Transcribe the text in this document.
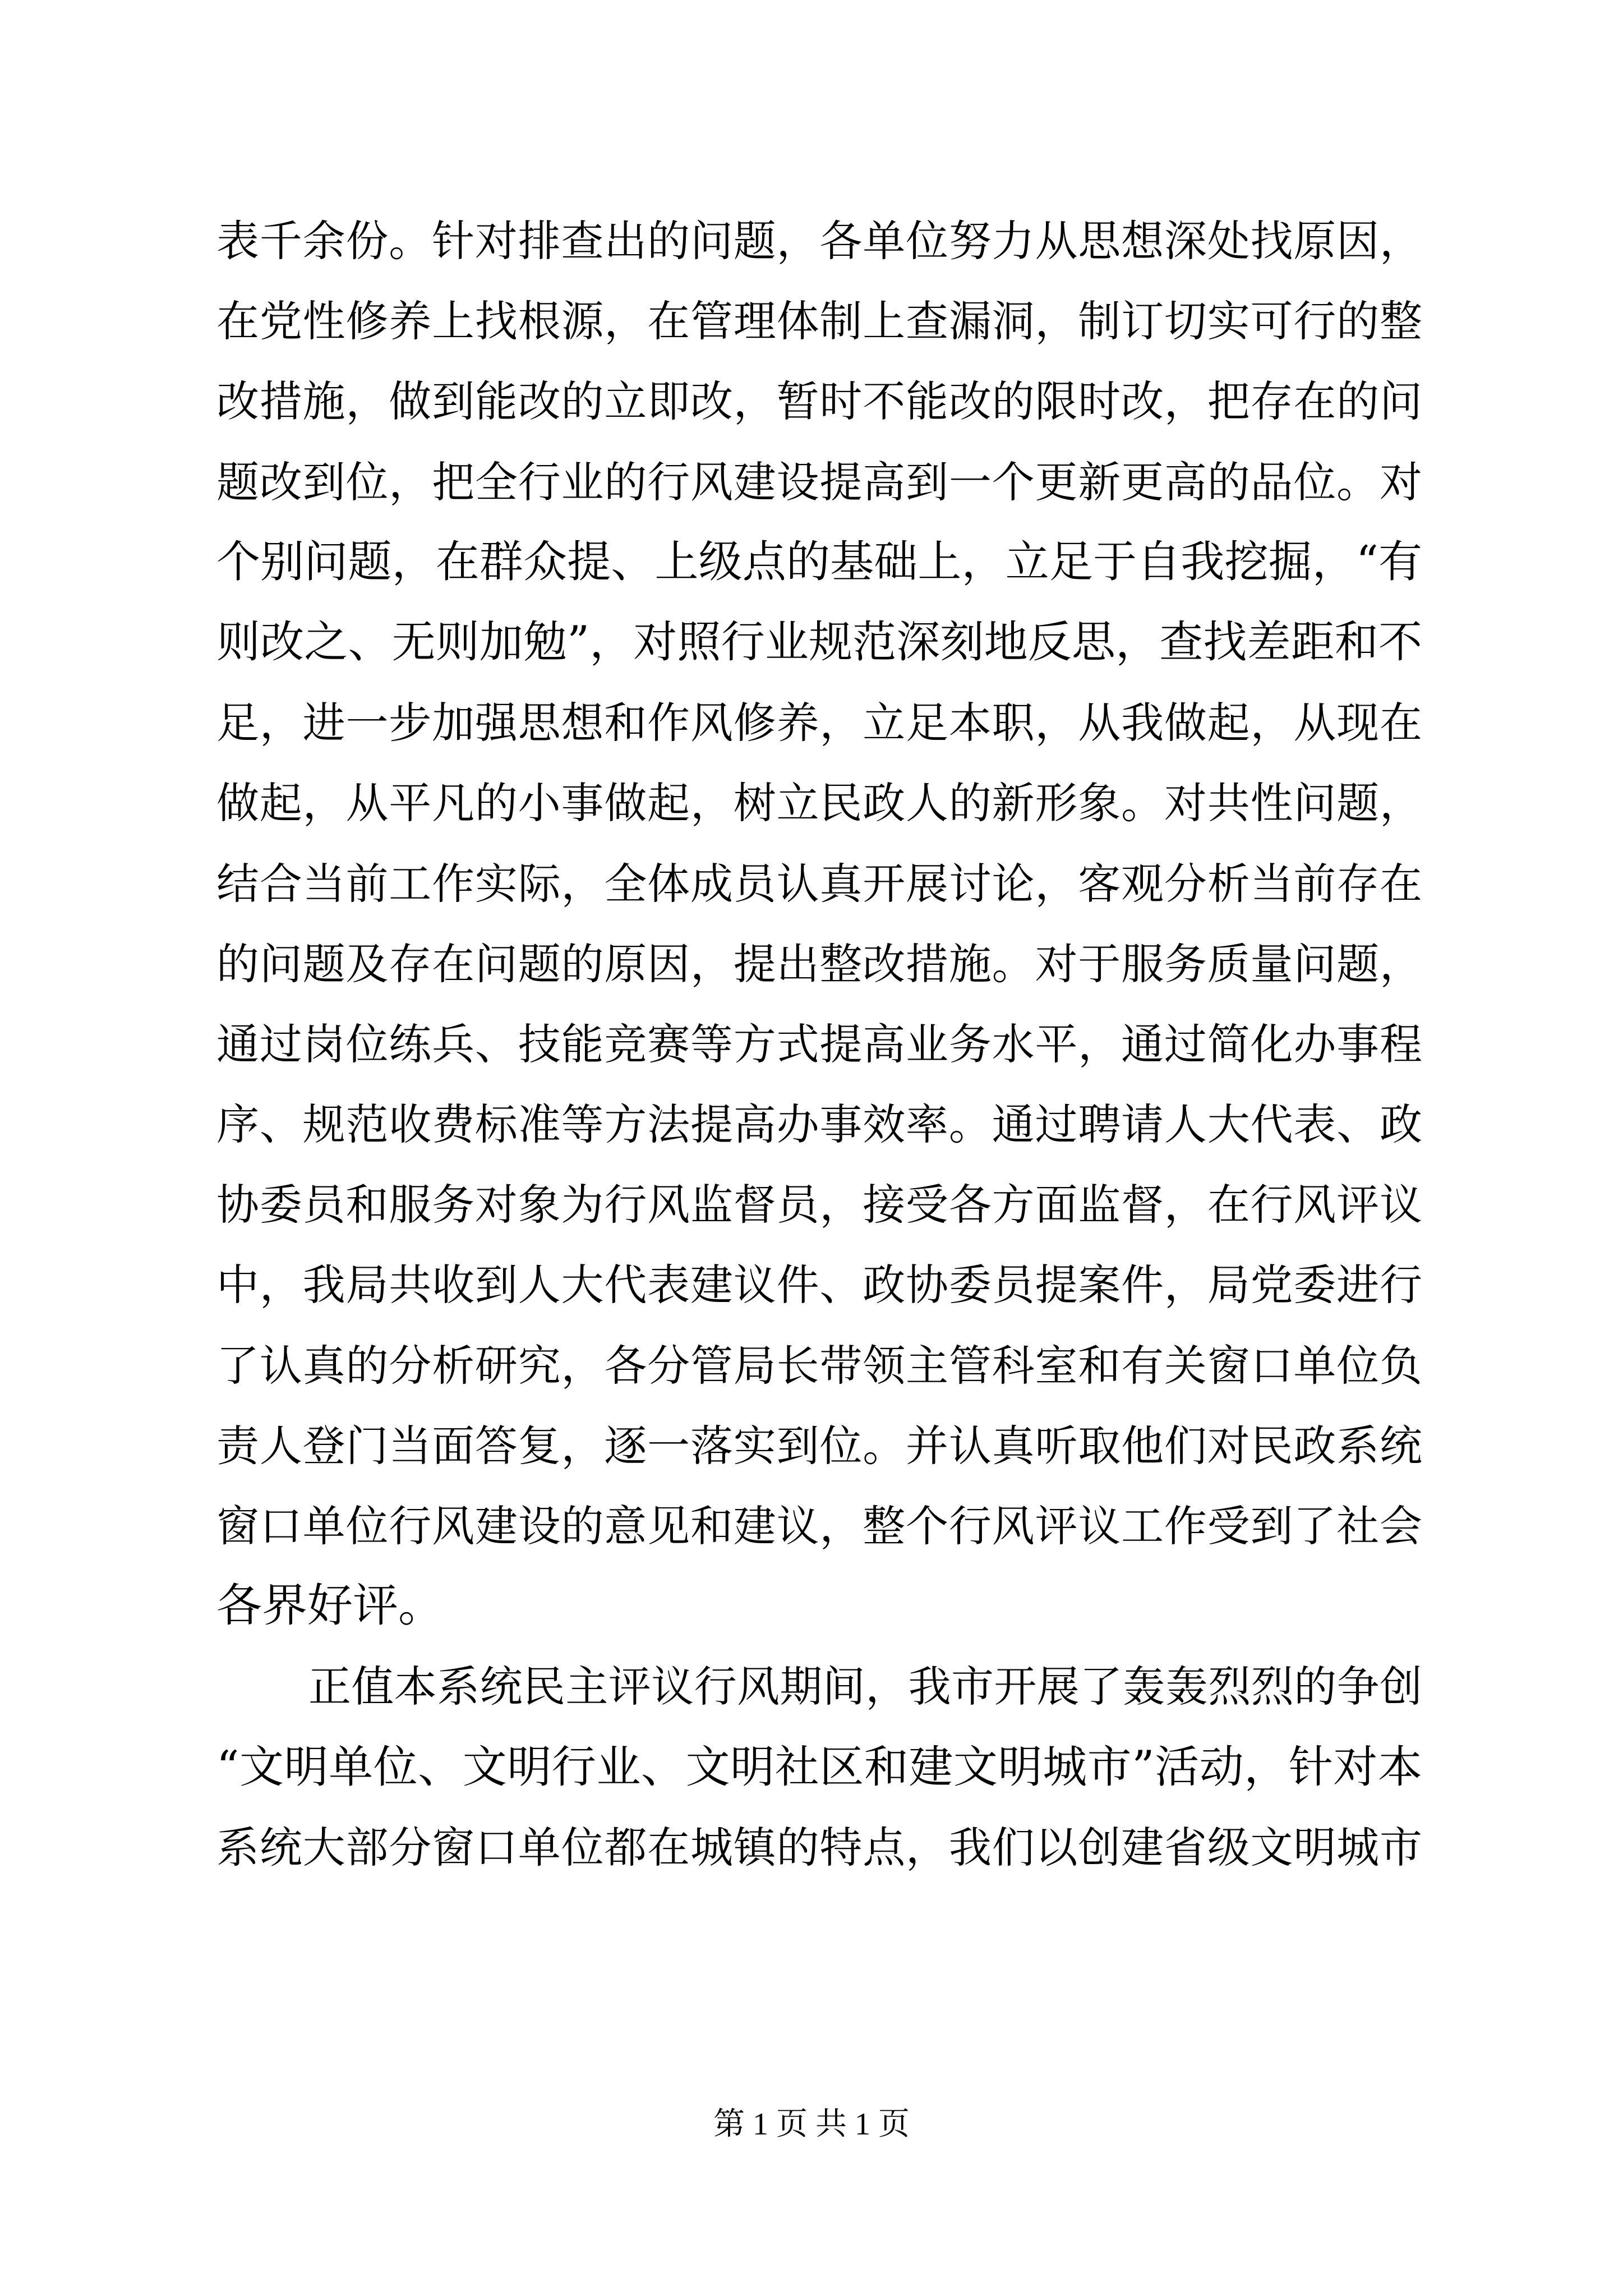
表千余份。针对排查出的问题，各单位努力从思想深处找原因，
在党性修养上找根源，在管理体制上查漏洞，制订切实可行的整
改措施，做到能改的立即改，暂时不能改的限时改，把存在的问
题改到位，把全行业的行风建设提高到一个更新更高的品位。对
个别问题，在群众提、上级点的基础上，立足于自我挖掘，“有
则改之、无则加勉”，对照行业规范深刻地反思，查找差距和不
足，进一步加强思想和作风修养，立足本职，从我做起，从现在
做起，从平凡的小事做起，树立民政人的新形象。对共性问题，
结合当前工作实际，全体成员认真开展讨论，客观分析当前存在
的问题及存在问题的原因，提出整改措施。对于服务质量问题，
通过岗位练兵、技能竞赛等方式提高业务水平，通过简化办事程
序、规范收费标准等方法提高办事效率。通过聘请人大代表、政
协委员和服务对象为行风监督员，接受各方面监督，在行风评议
中，我局共收到人大代表建议件、政协委员提案件，局党委进行
了认真的分析研究，各分管局长带领主管科室和有关窗口单位负
责人登门当面答复，逐一落实到位。并认真听取他们对民政系统
窗口单位行风建设的意见和建议，整个行风评议工作受到了社会
各界好评。
正值本系统民主评议行风期间，我市开展了轰轰烈烈的争创
“文明单位、文明行业、文明社区和建文明城市”活动，针对本
系统大部分窗口单位都在城镇的特点，我们以创建省级文明城市
第 1 页 共 1 页
